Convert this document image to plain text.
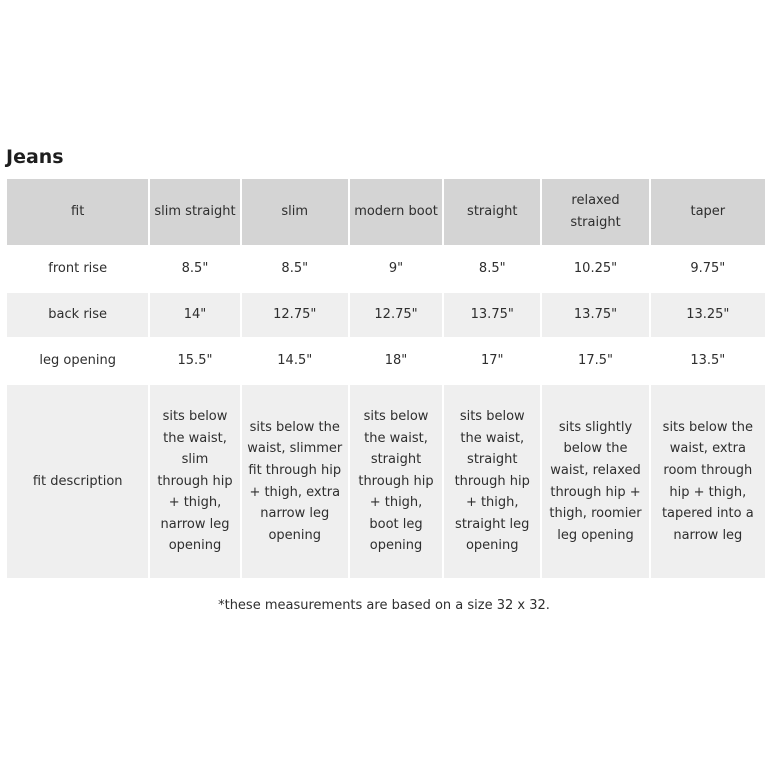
Jeans
fit	slim straight	slim	modern boot	straight	relaxed straight	taper
front rise	8.5"	8.5"	9"	8.5"	10.25"	9.75"
back rise	14"	12.75"	12.75"	13.75"	13.75"	13.25"
leg opening	15.5"	14.5"	18"	17"	17.5"	13.5"
fit description	sits below the waist, slim through hip + thigh, narrow leg opening	sits below the waist, slimmer fit through hip + thigh, extra narrow leg opening	sits below the waist, straight through hip + thigh, boot leg opening	sits below the waist, straight through hip + thigh, straight leg opening	sits slightly below the waist, relaxed through hip + thigh, roomier leg opening	sits below the waist, extra room through hip + thigh, tapered into a narrow leg
*these measurements are based on a size 32 x 32.
